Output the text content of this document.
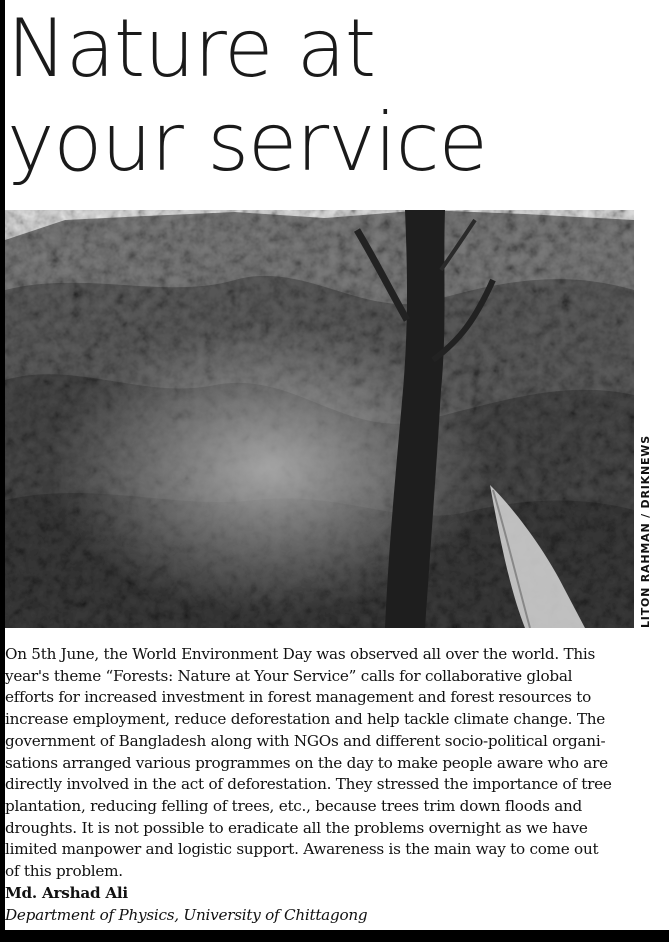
Nature at
your service
LITON RAHMAN / DRIKNEWS

On 5th June, the World Environment Day was observed all over the world. This
year's theme “Forests: Nature at Your Service” calls for collaborative global
efforts for increased investment in forest management and forest resources to
increase employment, reduce deforestation and help tackle climate change. The
government of Bangladesh along with NGOs and different socio-political organi-
sations arranged various programmes on the day to make people aware who are
directly involved in the act of deforestation. They stressed the importance of tree
plantation, reducing felling of trees, etc., because trees trim down floods and
droughts. It is not possible to eradicate all the problems overnight as we have
limited manpower and logistic support. Awareness is the main way to come out
of this problem.

Md. Arshad Ali
Department of Physics, University of Chittagong
